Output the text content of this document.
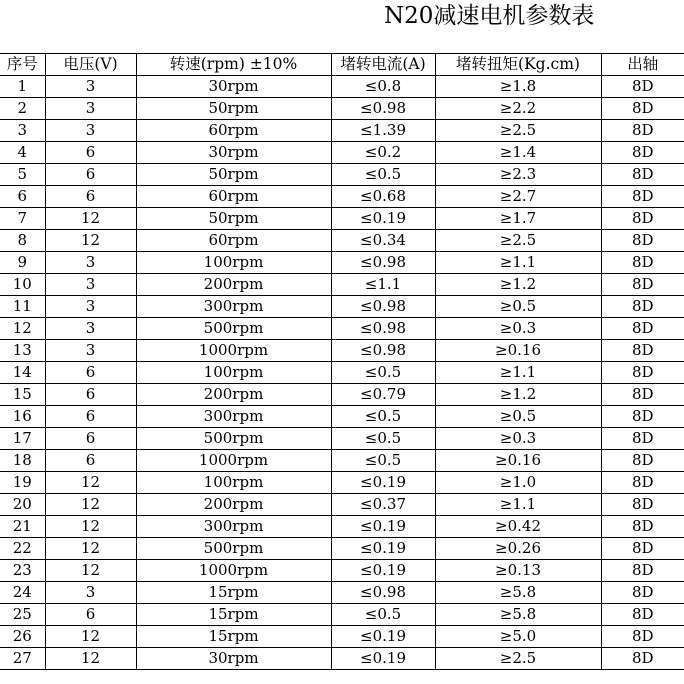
N20减速电机参数表
序号	电压(V)	转速(rpm) ±10%	堵转电流(A)	堵转扭矩(Kg.cm)	出轴
1	3	30rpm	≤0.8	≥1.8	8D
2	3	50rpm	≤0.98	≥2.2	8D
3	3	60rpm	≤1.39	≥2.5	8D
4	6	30rpm	≤0.2	≥1.4	8D
5	6	50rpm	≤0.5	≥2.3	8D
6	6	60rpm	≤0.68	≥2.7	8D
7	12	50rpm	≤0.19	≥1.7	8D
8	12	60rpm	≤0.34	≥2.5	8D
9	3	100rpm	≤0.98	≥1.1	8D
10	3	200rpm	≤1.1	≥1.2	8D
11	3	300rpm	≤0.98	≥0.5	8D
12	3	500rpm	≤0.98	≥0.3	8D
13	3	1000rpm	≤0.98	≥0.16	8D
14	6	100rpm	≤0.5	≥1.1	8D
15	6	200rpm	≤0.79	≥1.2	8D
16	6	300rpm	≤0.5	≥0.5	8D
17	6	500rpm	≤0.5	≥0.3	8D
18	6	1000rpm	≤0.5	≥0.16	8D
19	12	100rpm	≤0.19	≥1.0	8D
20	12	200rpm	≤0.37	≥1.1	8D
21	12	300rpm	≤0.19	≥0.42	8D
22	12	500rpm	≤0.19	≥0.26	8D
23	12	1000rpm	≤0.19	≥0.13	8D
24	3	15rpm	≤0.98	≥5.8	8D
25	6	15rpm	≤0.5	≥5.8	8D
26	12	15rpm	≤0.19	≥5.0	8D
27	12	30rpm	≤0.19	≥2.5	8D
